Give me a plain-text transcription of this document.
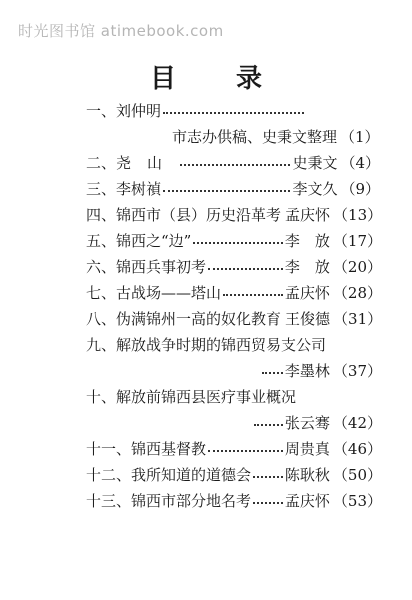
时光图书馆 atimebook.com
目录
一、 刘仲明
市志办供稿、史秉文整理 （1）
二、 尧山	史秉文 （4）
三、 李树禎	李文久 （9）
四、 锦西市（县）历史沿革考 孟庆怀 （13）
五、 锦西之“边”	李　放 （17）
六、 锦西兵事初考	李　放 （20）
七、 古战场——塔山	孟庆怀 （28）
八、 伪满锦州一高的奴化教育 王俊德 （31）
九、 解放战争时期的锦西贸易支公司
李墨林 （37）
十、 解放前锦西县医疗事业概况
张云骞 （42）
十一、 锦西基督教	周贵真 （46）
十二、 我所知道的道德会 陈耿秋 （50）
十三、 锦西市部分地名考 孟庆怀 （53）
